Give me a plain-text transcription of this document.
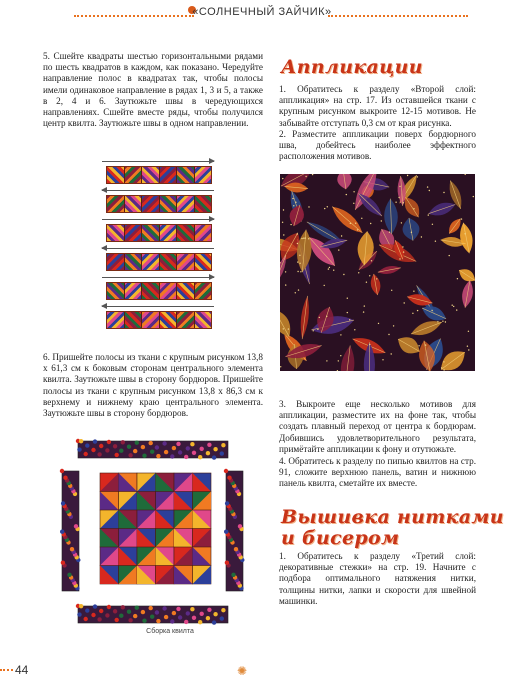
«СОЛНЕЧНЫЙ ЗАЙЧИК»

5. Сшейте квадраты шестью горизонтальными рядами по шесть квадратов в каждом, как показано. Чередуйте направление полос в квадратах так, чтобы полосы имели одинаковое направление в рядах 1, 3 и 5, а также в 2, 4 и 6. Заутюжьте швы в чередующихся направлениях. Сшейте вместе ряды, чтобы получился центр квилта. Заутюжьте швы в одном направлении.

6. Пришейте полосы из ткани с крупным рисунком 13,8 x 61,3 см к боковым сторонам центрального элемента квилта. Заутюжьте швы в сторону бордюров. Пришейте полосы из ткани с крупным рисунком 13,8 x 86,3 см к верхнему и нижнему краю центрального элемента. Заутюжьте швы в сторону бордюров.

Сборка квилта
Аппликации

1. Обратитесь к разделу «Второй слой: аппликация» на стр. 17. Из оставшейся ткани с крупным рисунком выкроите 12-15 мотивов. Не забывайте отступать 0,3 см от края рисунка.

2. Разместите аппликации поверх бордюрного шва, добейтесь наиболее эффектного расположения мотивов.

3. Выкроите еще несколько мотивов для аппликации, разместите их на фоне так, чтобы создать плавный переход от центра к бордюрам. Добившись удовлетворительного результата, примётайте аппликации к фону и отутюжьте.

4. Обратитесь к разделу по пипью квилтов на стр. 91, сложите верхнюю панель, ватин и нижнюю панель квилта, сметайте их вместе.

Вышивка нитками
и бисером

1. Обратитесь к разделу «Третий слой: декоративные стежки» на стр. 19. Начните с подбора оптимального натяжения нитки, толщины нитки, лапки и скорости для швейной машинки.

44	✺
